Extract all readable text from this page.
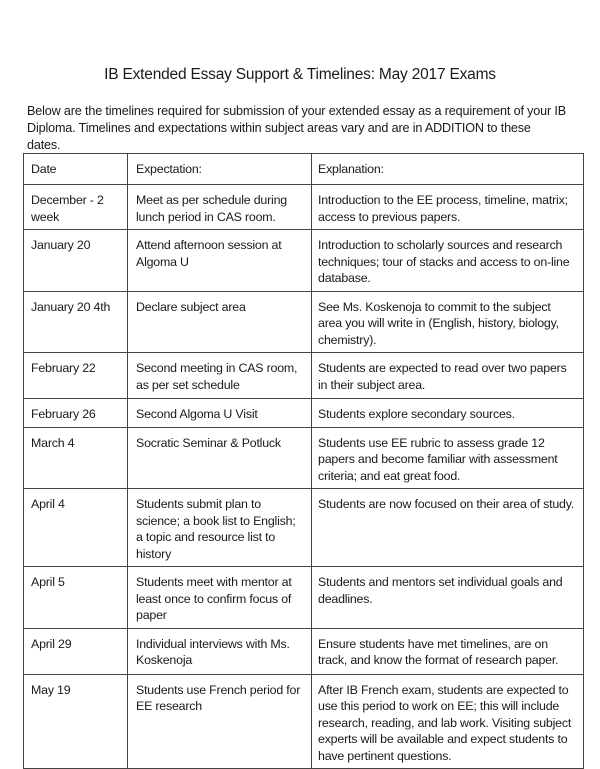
IB Extended Essay Support & Timelines: May 2017 Exams
Below are the timelines required for submission of your extended essay as a requirement of your IB Diploma. Timelines and expectations within subject areas vary and are in ADDITION to these dates.
Date	Expectation:	Explanation:
December - 2 week	Meet as per schedule during lunch period in CAS room.	Introduction to the EE process, timeline, matrix; access to previous papers.
January 20	Attend afternoon session at Algoma U	Introduction to scholarly sources and research techniques; tour of stacks and access to on-line database.
January 20 4th	Declare subject area	See Ms. Koskenoja to commit to the subject area you will write in (English, history, biology, chemistry).
February 22	Second meeting in CAS room, as per set schedule	Students are expected to read over two papers in their subject area.
February 26	Second Algoma U Visit	Students explore secondary sources.
March 4	Socratic Seminar & Potluck	Students use EE rubric to assess grade 12 papers and become familiar with assessment criteria; and eat great food.
April 4	Students submit plan to science; a book list to English; a topic and resource list to history	Students are now focused on their area of study.
April 5	Students meet with mentor at least once to confirm focus of paper	Students and mentors set individual goals and deadlines.
April 29	Individual interviews with Ms. Koskenoja	Ensure students have met timelines, are on track, and know the format of research paper.
May 19	Students use French period for EE research	After IB French exam, students are expected to use this period to work on EE; this will include research, reading, and lab work. Visiting subject experts will be available and expect students to have pertinent questions.
